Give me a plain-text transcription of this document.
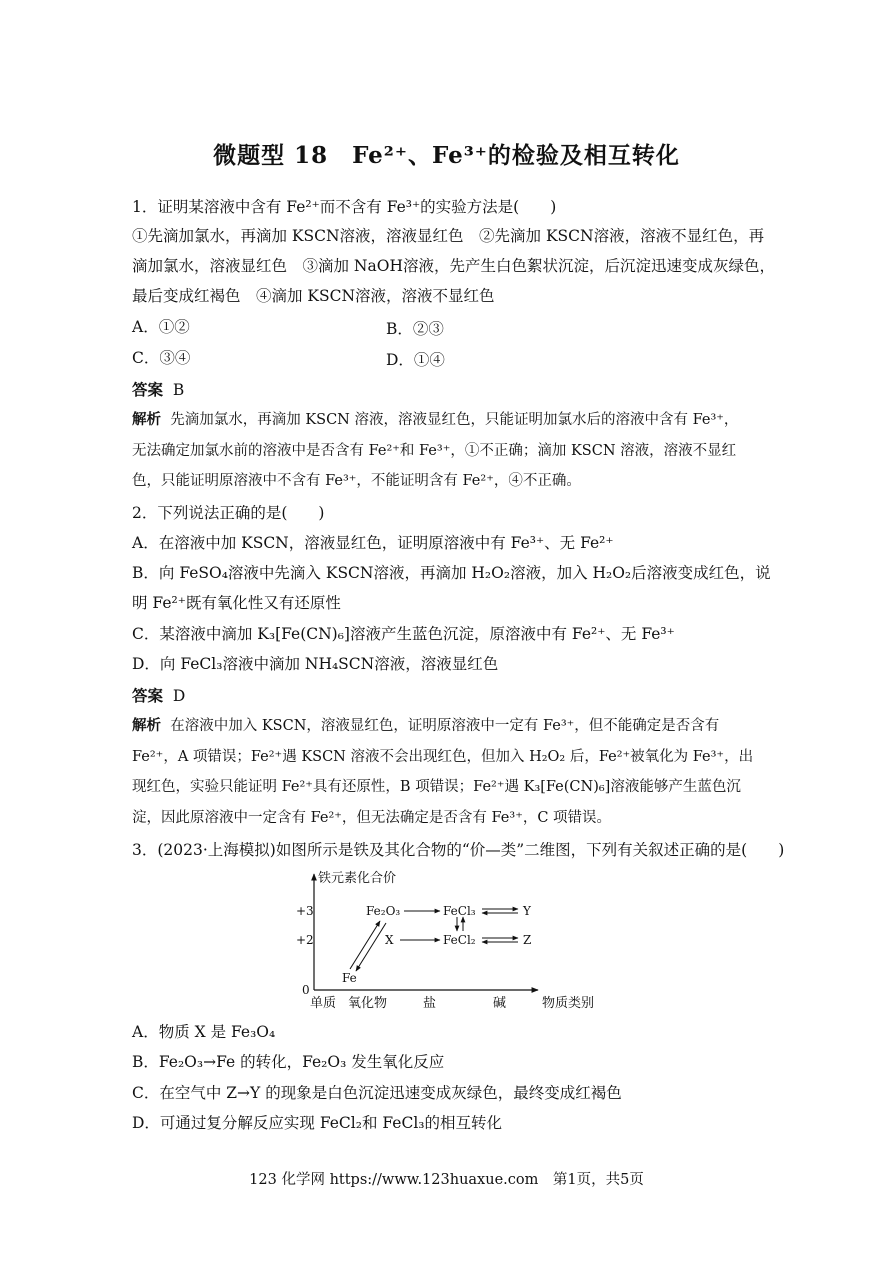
微题型 18　Fe²⁺、Fe³⁺的检验及相互转化
1．证明某溶液中含有 Fe²⁺而不含有 Fe³⁺的实验方法是(　　)
①先滴加氯水，再滴加 KSCN溶液，溶液显红色　②先滴加 KSCN溶液，溶液不显红色，再
滴加氯水，溶液显红色　③滴加 NaOH溶液，先产生白色絮状沉淀，后沉淀迅速变成灰绿色，
最后变成红褐色　④滴加 KSCN溶液，溶液不显红色
A．①②	B．②③
C．③④	D．①④
答案 B
解析 先滴加氯水，再滴加 KSCN 溶液，溶液显红色，只能证明加氯水后的溶液中含有 Fe³⁺，
无法确定加氯水前的溶液中是否含有 Fe²⁺和 Fe³⁺，①不正确；滴加 KSCN 溶液，溶液不显红
色，只能证明原溶液中不含有 Fe³⁺，不能证明含有 Fe²⁺，④不正确。
2．下列说法正确的是(　　)
A．在溶液中加 KSCN，溶液显红色，证明原溶液中有 Fe³⁺、无 Fe²⁺
B．向 FeSO₄溶液中先滴入 KSCN溶液，再滴加 H₂O₂溶液，加入 H₂O₂后溶液变成红色，说
明 Fe²⁺既有氧化性又有还原性
C．某溶液中滴加 K₃[Fe(CN)₆]溶液产生蓝色沉淀，原溶液中有 Fe²⁺、无 Fe³⁺
D．向 FeCl₃溶液中滴加 NH₄SCN溶液，溶液显红色
答案 D
解析 在溶液中加入 KSCN，溶液显红色，证明原溶液中一定有 Fe³⁺，但不能确定是否含有
Fe²⁺，A 项错误；Fe²⁺遇 KSCN 溶液不会出现红色，但加入 H₂O₂ 后，Fe²⁺被氧化为 Fe³⁺，出
现红色，实验只能证明 Fe²⁺具有还原性，B 项错误；Fe²⁺遇 K₃[Fe(CN)₆]溶液能够产生蓝色沉
淀，因此原溶液中一定含有 Fe²⁺，但无法确定是否含有 Fe³⁺，C 项错误。
3．(2023·上海模拟)如图所示是铁及其化合物的“价—类”二维图，下列有关叙述正确的是(　　)
铁元素化合价
+3
+2
0
单质 氧化物	盐	碱	物质类别
Fe₂O₃	FeCl₃	Y
X	FeCl₂	Z
Fe
A．物质 X 是 Fe₃O₄
B．Fe₂O₃→Fe 的转化，Fe₂O₃ 发生氧化反应
C．在空气中 Z→Y 的现象是白色沉淀迅速变成灰绿色，最终变成红褐色
D．可通过复分解反应实现 FeCl₂和 FeCl₃的相互转化
123 化学网 https://www.123huaxue.com　第1页，共5页
